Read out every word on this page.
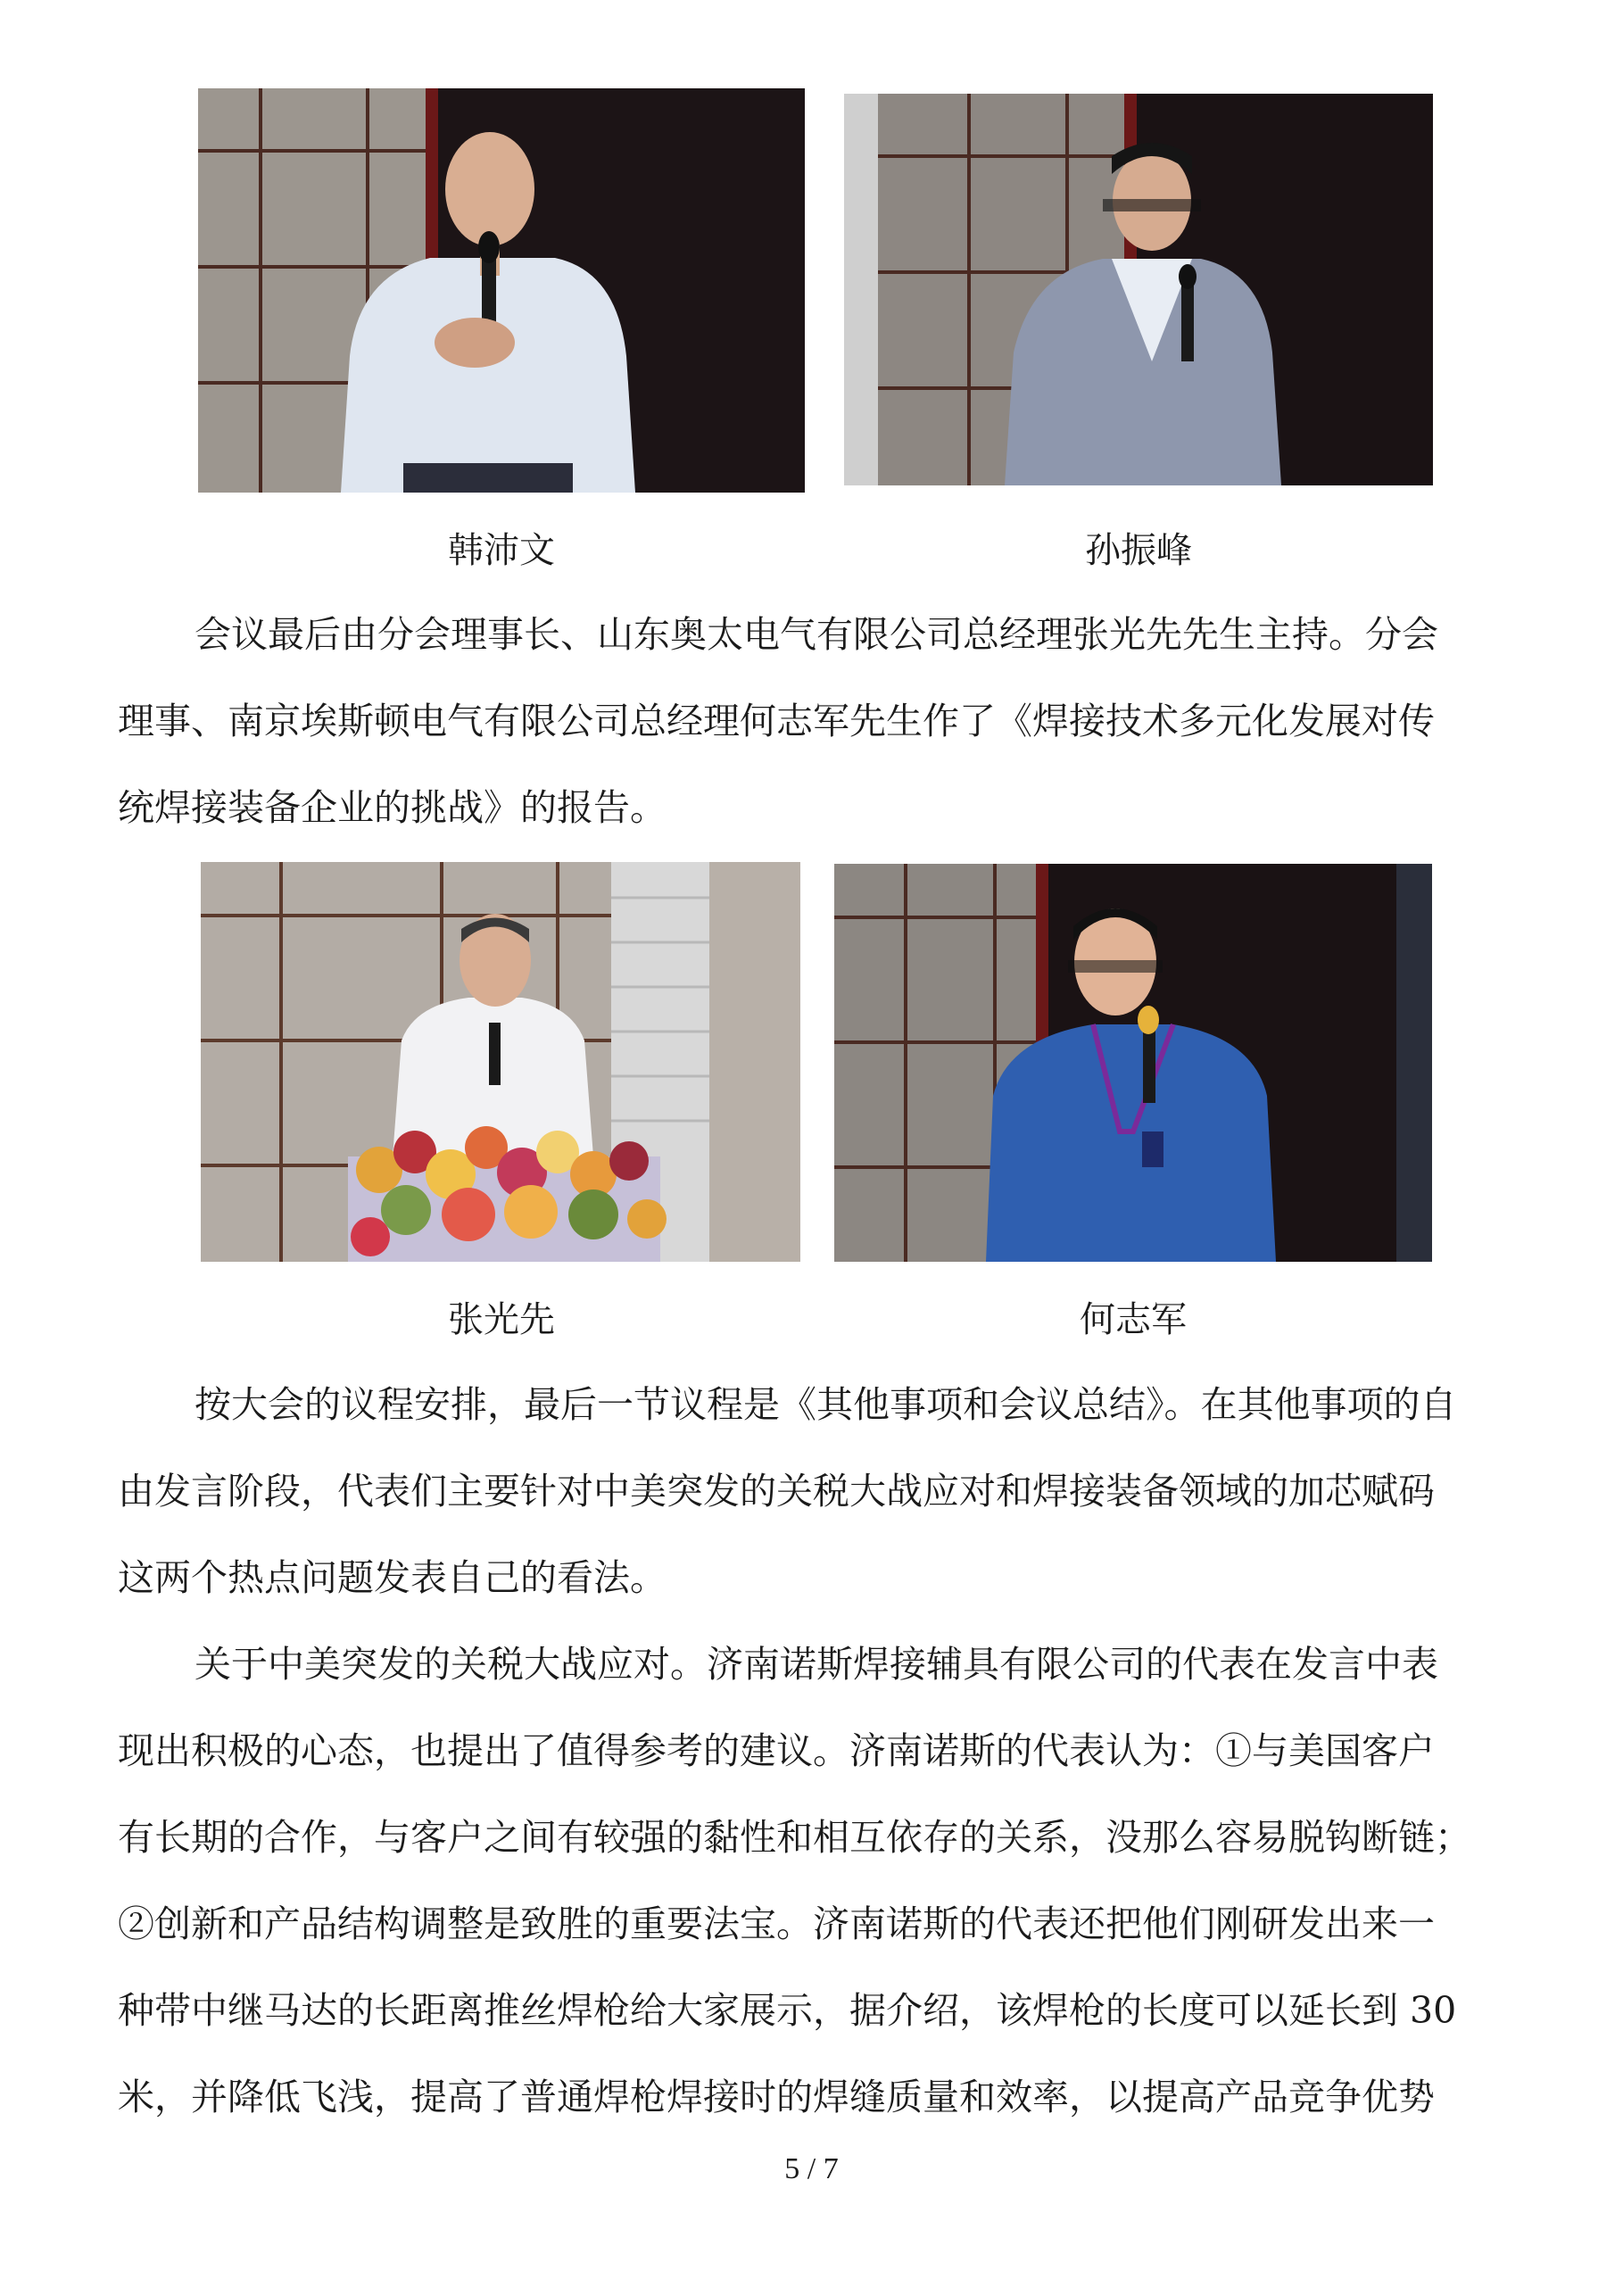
韩沛文	孙振峰
会议最后由分会理事长、山东奥太电气有限公司总经理张光先先生主持。分会
理事、南京埃斯顿电气有限公司总经理何志军先生作了《焊接技术多元化发展对传
统焊接装备企业的挑战》的报告。
张光先	何志军
按大会的议程安排，最后一节议程是《其他事项和会议总结》。在其他事项的自
由发言阶段，代表们主要针对中美突发的关税大战应对和焊接装备领域的加芯赋码
这两个热点问题发表自己的看法。
关于中美突发的关税大战应对。济南诺斯焊接辅具有限公司的代表在发言中表
现出积极的心态，也提出了值得参考的建议。济南诺斯的代表认为：①与美国客户
有长期的合作，与客户之间有较强的黏性和相互依存的关系，没那么容易脱钩断链；
②创新和产品结构调整是致胜的重要法宝。济南诺斯的代表还把他们刚研发出来一
种带中继马达的长距离推丝焊枪给大家展示，据介绍，该焊枪的长度可以延长到 30
米，并降低飞浅，提高了普通焊枪焊接时的焊缝质量和效率，以提高产品竞争优势
5 / 7
